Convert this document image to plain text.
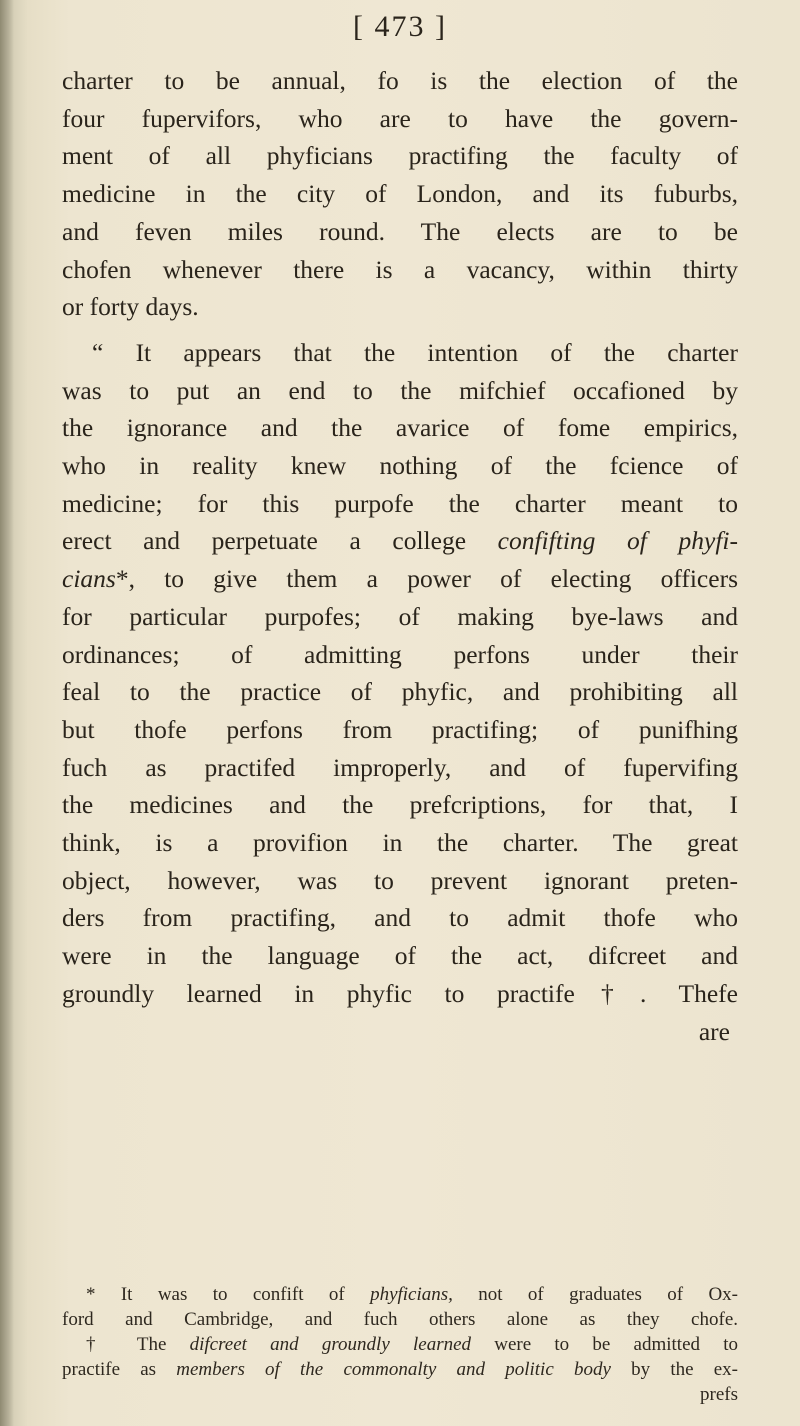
[ 473 ]
charter to be annual, fo is the election of the
four fupervifors, who are to have the govern-
ment of all phyficians practifing the faculty of
medicine in the city of London, and its fuburbs,
and feven miles round. The elects are to be
chofen whenever there is a vacancy, within thirty
or forty days.
“ It appears that the intention of the charter
was to put an end to the mifchief occafioned by
the ignorance and the avarice of fome empirics,
who in reality knew nothing of the fcience of
medicine; for this purpofe the charter meant to
erect and perpetuate a college confifting of phyfi-
cians*, to give them a power of electing officers
for particular purpofes; of making bye-laws and
ordinances; of admitting perfons under their
feal to the practice of phyfic, and prohibiting all
but thofe perfons from practifing; of punifhing
fuch as practifed improperly, and of fupervifing
the medicines and the prefcriptions, for that, I
think, is a provifion in the charter. The great
object, however, was to prevent ignorant preten-
ders from practifing, and to admit thofe who
were in the language of the act, difcreet and
groundly learned in phyfic to practife†. Thefe
are
* It was to confift of phyficians, not of graduates of Ox-
ford and Cambridge, and fuch others alone as they chofe.
† The difcreet and groundly learned were to be admitted to
practife as members of the commonalty and politic body by the ex-
prefs
